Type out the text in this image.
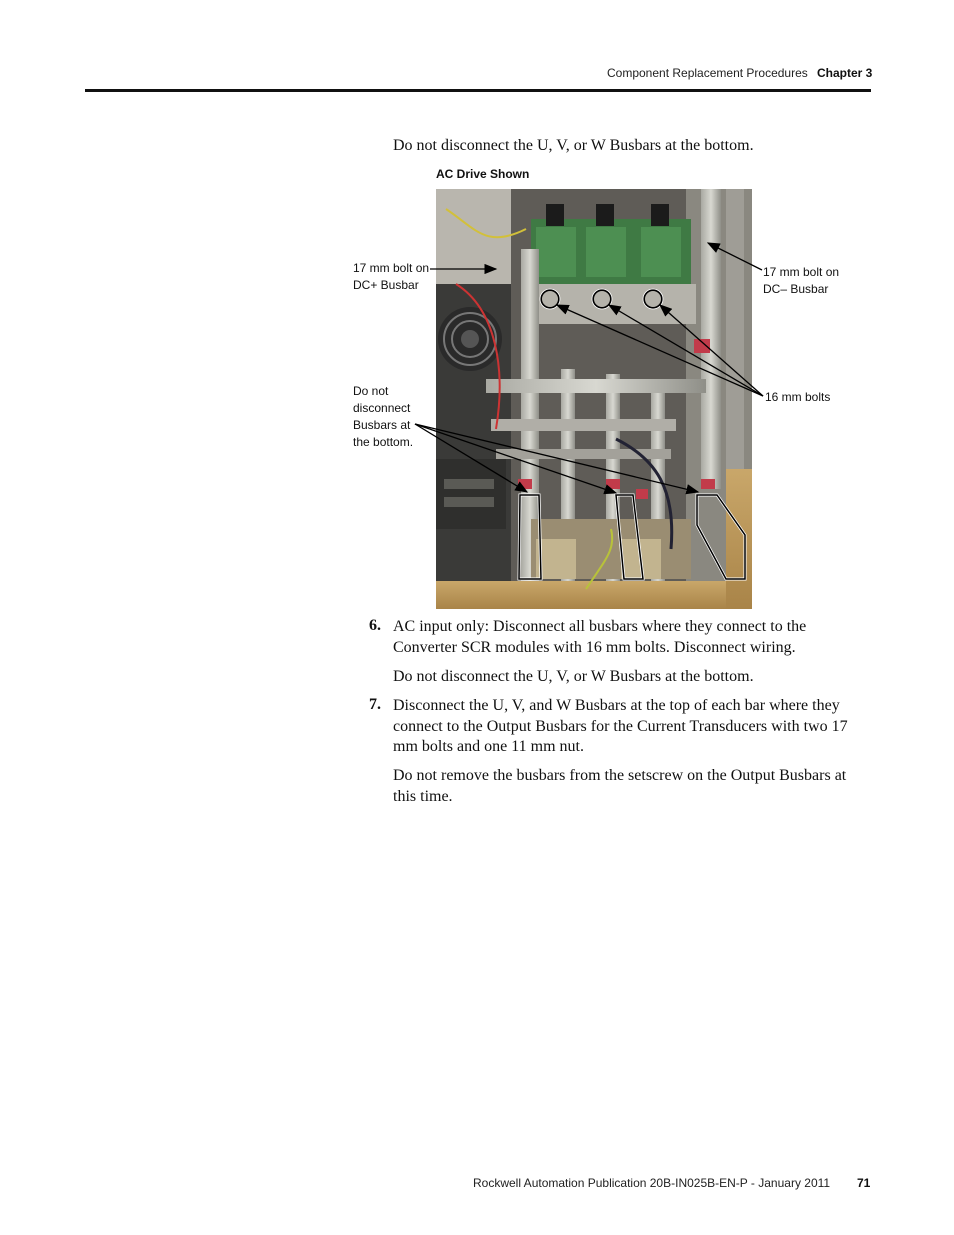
Component Replacement Procedures Chapter 3
Do not disconnect the U, V, or W Busbars at the bottom.
AC Drive Shown
17 mm bolt on
DC+ Busbar
17 mm bolt on
DC– Busbar
16 mm bolts
Do not
disconnect
Busbars at
the bottom.
6. AC input only: Disconnect all busbars where they connect to the Converter SCR modules with 16 mm bolts. Disconnect wiring.
Do not disconnect the U, V, or W Busbars at the bottom.
7. Disconnect the U, V, and W Busbars at the top of each bar where they connect to the Output Busbars for the Current Transducers with two 17 mm bolts and one 11 mm nut.
Do not remove the busbars from the setscrew on the Output Busbars at this time.
Rockwell Automation Publication 20B-IN025B-EN-P - January 2011 71
